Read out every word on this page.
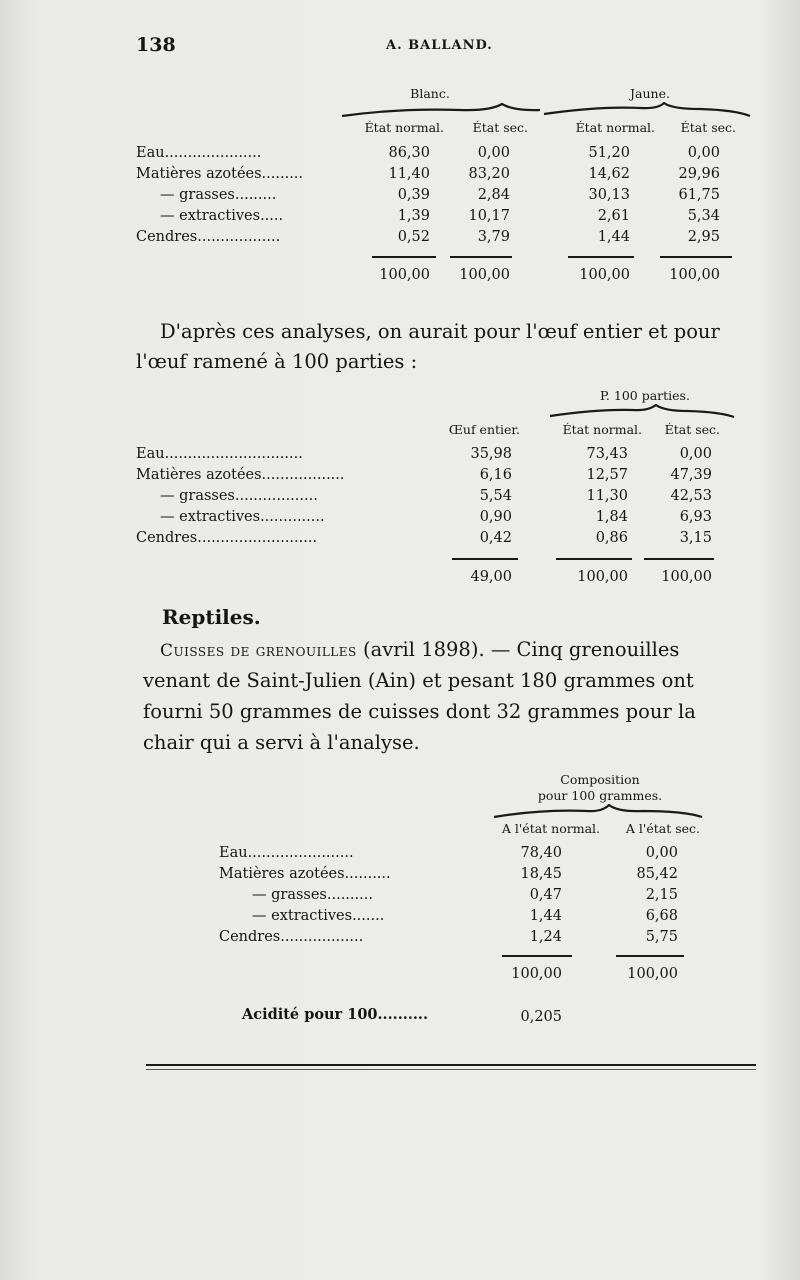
138	A. BALLAND.
Blanc.	Jaune.
État normal.	État sec.	État normal.	État sec.
Eau.....................	86,30	0,00	51,20	0,00
Matières azotées.........	11,40	83,20	14,62	29,96
— grasses.........	0,39	2,84	30,13	61,75
— extractives.....	1,39	10,17	2,61	5,34
Cendres..................	0,52	3,79	1,44	2,95
100,00	100,00	100,00	100,00
D'après ces analyses, on aurait pour l'œuf entier et pour
l'œuf ramené à 100 parties :
P. 100 parties.
Œuf entier.	État normal.	État sec.
Eau..............................	35,98	73,43	0,00
Matières azotées..................	6,16	12,57	47,39
— grasses..................	5,54	11,30	42,53
— extractives..............	0,90	1,84	6,93
Cendres..........................	0,42	0,86	3,15
49,00	100,00	100,00
Reptiles.
Cuisses de grenouilles (avril 1898). — Cinq grenouilles
venant de Saint-Julien (Ain) et pesant 180 grammes ont
fourni 50 grammes de cuisses dont 32 grammes pour la
chair qui a servi à l'analyse.
Composition
pour 100 grammes.
A l'état normal.	A l'état sec.
Eau.......................	78,40	0,00
Matières azotées..........	18,45	85,42
— grasses..........	0,47	2,15
— extractives.......	1,44	6,68
Cendres..................	1,24	5,75
100,00	100,00
Acidité pour 100..........	0,205
